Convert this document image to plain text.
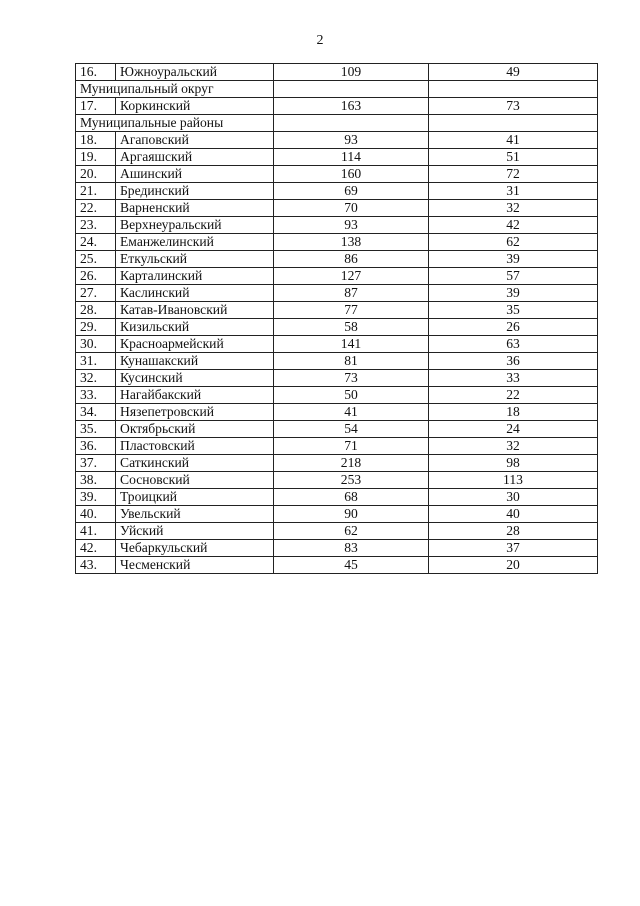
2
16.	Южноуральский	109	49
Муниципальный округ			
17.	Коркинский	163	73
Муниципальные районы			
18.	Агаповский	93	41
19.	Аргаяшский	114	51
20.	Ашинский	160	72
21.	Брединский	69	31
22.	Варненский	70	32
23.	Верхнеуральский	93	42
24.	Еманжелинский	138	62
25.	Еткульский	86	39
26.	Карталинский	127	57
27.	Каслинский	87	39
28.	Катав-Ивановский	77	35
29.	Кизильский	58	26
30.	Красноармейский	141	63
31.	Кунашакский	81	36
32.	Кусинский	73	33
33.	Нагайбакский	50	22
34.	Нязепетровский	41	18
35.	Октябрьский	54	24
36.	Пластовский	71	32
37.	Саткинский	218	98
38.	Сосновский	253	113
39.	Троицкий	68	30
40.	Увельский	90	40
41.	Уйский	62	28
42.	Чебаркульский	83	37
43.	Чесменский	45	20
